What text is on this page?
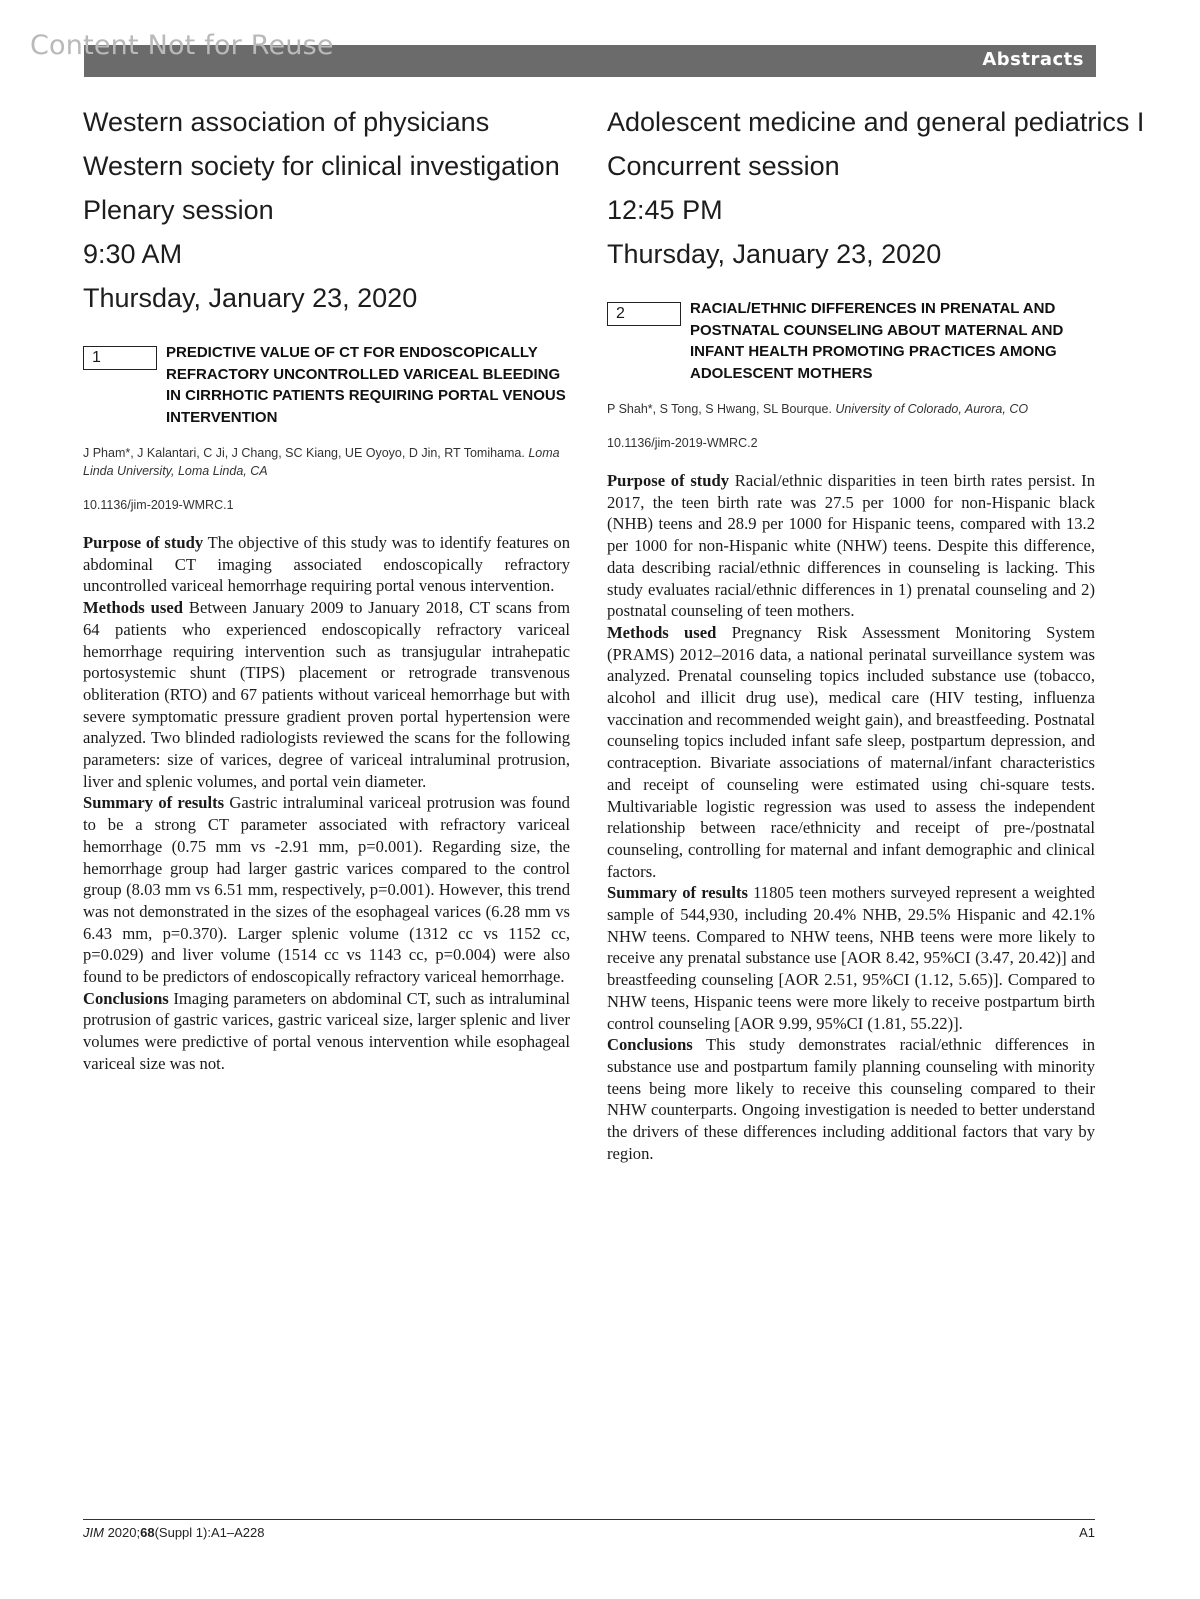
Content Not for Reuse	Abstracts
Western association of physicians
Western society for clinical investigation
Plenary session
9:30 AM
Thursday, January 23, 2020
1	PREDICTIVE VALUE OF CT FOR ENDOSCOPICALLY REFRACTORY UNCONTROLLED VARICEAL BLEEDING IN CIRRHOTIC PATIENTS REQUIRING PORTAL VENOUS INTERVENTION
J Pham*, J Kalantari, C Ji, J Chang, SC Kiang, UE Oyoyo, D Jin, RT Tomihama. Loma Linda University, Loma Linda, CA
10.1136/jim-2019-WMRC.1

Purpose of study The objective of this study was to identify features on abdominal CT imaging associated endoscopically refractory uncontrolled variceal hemorrhage requiring portal venous intervention.

Methods used Between January 2009 to January 2018, CT scans from 64 patients who experienced endoscopically refractory variceal hemorrhage requiring intervention such as transjugular intrahepatic portosystemic shunt (TIPS) placement or retrograde transvenous obliteration (RTO) and 67 patients without variceal hemorrhage but with severe symptomatic pressure gradient proven portal hypertension were analyzed. Two blinded radiologists reviewed the scans for the following parameters: size of varices, degree of variceal intraluminal protrusion, liver and splenic volumes, and portal vein diameter.

Summary of results Gastric intraluminal variceal protrusion was found to be a strong CT parameter associated with refractory variceal hemorrhage (0.75 mm vs -2.91 mm, p=0.001). Regarding size, the hemorrhage group had larger gastric varices compared to the control group (8.03 mm vs 6.51 mm, respectively, p=0.001). However, this trend was not demonstrated in the sizes of the esophageal varices (6.28 mm vs 6.43 mm, p=0.370). Larger splenic volume (1312 cc vs 1152 cc, p=0.029) and liver volume (1514 cc vs 1143 cc, p=0.004) were also found to be predictors of endoscopically refractory variceal hemorrhage.

Conclusions Imaging parameters on abdominal CT, such as intraluminal protrusion of gastric varices, gastric variceal size, larger splenic and liver volumes were predictive of portal venous intervention while esophageal variceal size was not.

Adolescent medicine and general pediatrics I
Concurrent session
12:45 PM
Thursday, January 23, 2020
2	RACIAL/ETHNIC DIFFERENCES IN PRENATAL AND POSTNATAL COUNSELING ABOUT MATERNAL AND INFANT HEALTH PROMOTING PRACTICES AMONG ADOLESCENT MOTHERS
P Shah*, S Tong, S Hwang, SL Bourque. University of Colorado, Aurora, CO
10.1136/jim-2019-WMRC.2

Purpose of study Racial/ethnic disparities in teen birth rates persist. In 2017, the teen birth rate was 27.5 per 1000 for non-Hispanic black (NHB) teens and 28.9 per 1000 for Hispanic teens, compared with 13.2 per 1000 for non-Hispanic white (NHW) teens. Despite this difference, data describing racial/ethnic differences in counseling is lacking. This study evaluates racial/ethnic differences in 1) prenatal counseling and 2) postnatal counseling of teen mothers.

Methods used Pregnancy Risk Assessment Monitoring System (PRAMS) 2012–2016 data, a national perinatal surveillance system was analyzed. Prenatal counseling topics included substance use (tobacco, alcohol and illicit drug use), medical care (HIV testing, influenza vaccination and recommended weight gain), and breastfeeding. Postnatal counseling topics included infant safe sleep, postpartum depression, and contraception. Bivariate associations of maternal/infant characteristics and receipt of counseling were estimated using chi-square tests. Multivariable logistic regression was used to assess the independent relationship between race/ethnicity and receipt of pre-/postnatal counseling, controlling for maternal and infant demographic and clinical factors.

Summary of results 11805 teen mothers surveyed represent a weighted sample of 544,930, including 20.4% NHB, 29.5% Hispanic and 42.1% NHW teens. Compared to NHW teens, NHB teens were more likely to receive any prenatal substance use [AOR 8.42, 95%CI (3.47, 20.42)] and breastfeeding counseling [AOR 2.51, 95%CI (1.12, 5.65)]. Compared to NHW teens, Hispanic teens were more likely to receive postpartum birth control counseling [AOR 9.99, 95%CI (1.81, 55.22)].

Conclusions This study demonstrates racial/ethnic differences in substance use and postpartum family planning counseling with minority teens being more likely to receive this counseling compared to their NHW counterparts. Ongoing investigation is needed to better understand the drivers of these differences including additional factors that vary by region.

JIM 2020;68(Suppl 1):A1–A228	A1
